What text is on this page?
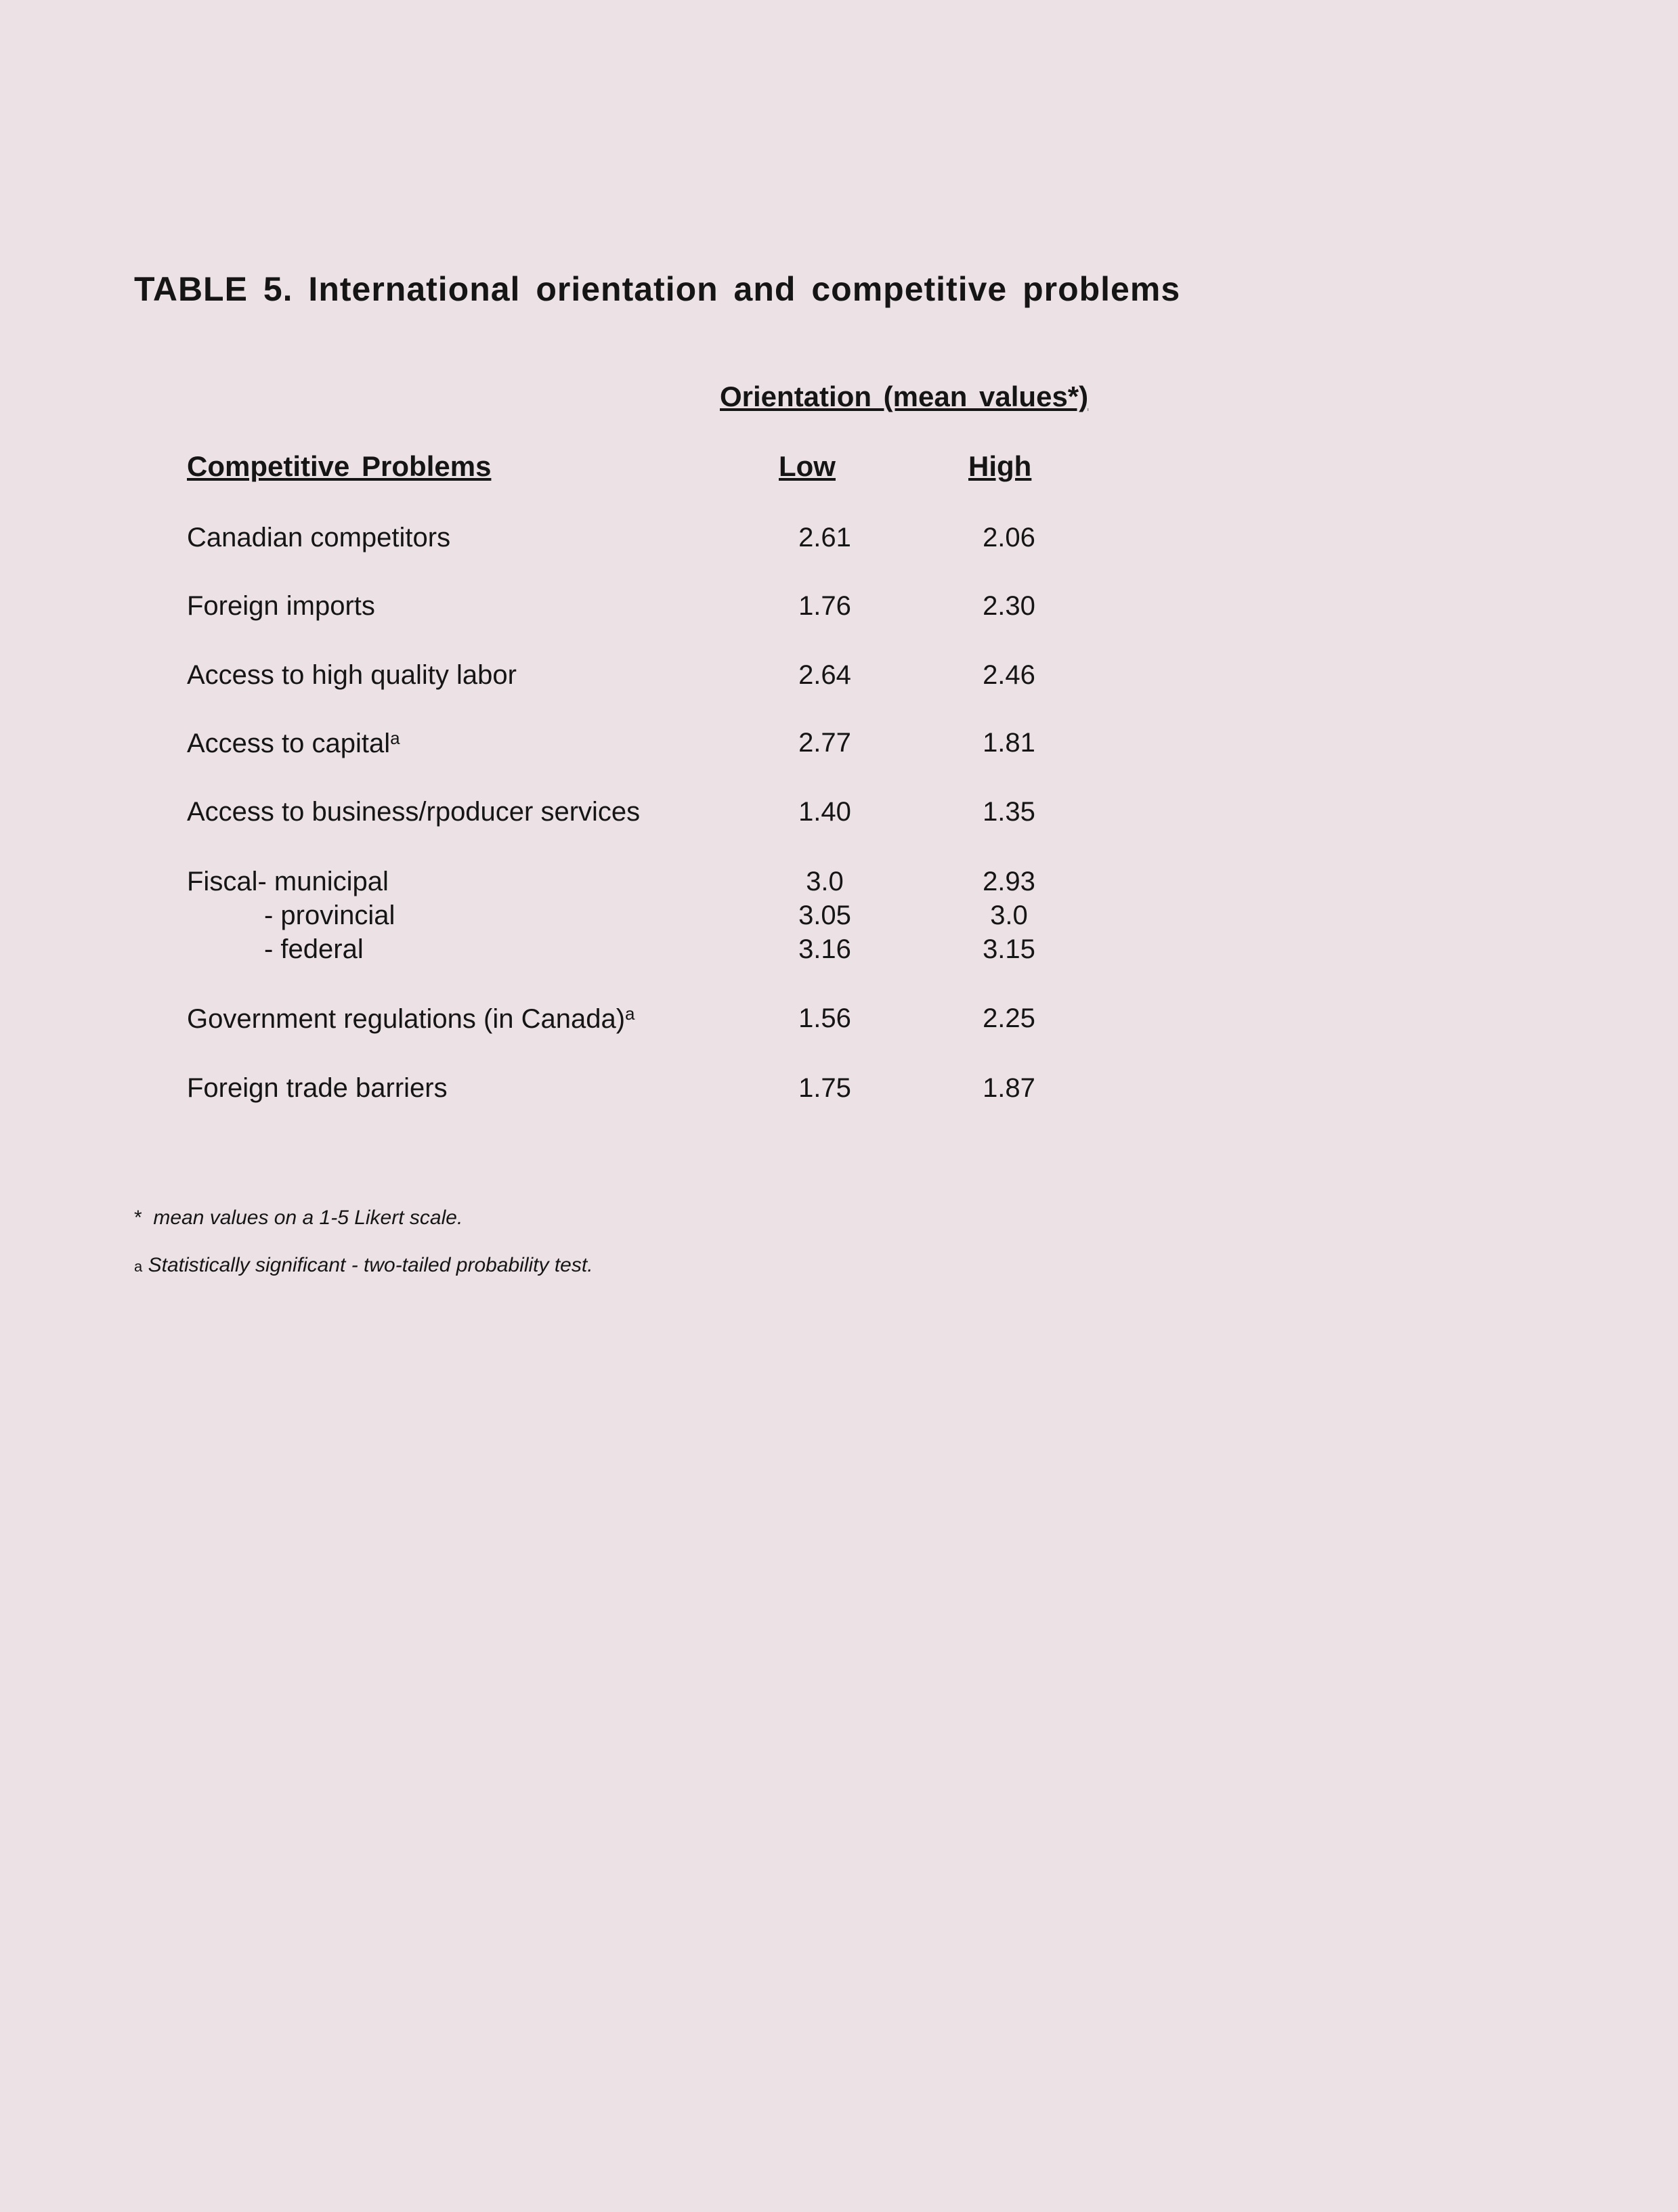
TABLE 5. International orientation and competitive problems
Orientation (mean values*)
Competitive Problems	Low	High
Canadian competitors	2.61	2.06
Foreign imports	1.76	2.30
Access to high quality labor	2.64	2.46
Access to capital$^a$	2.77	1.81
Access to business/rpoducer services	1.40	1.35
Fiscal- municipal	3.0	2.93
- provincial	3.05	3.0
- federal	3.16	3.15
Government regulations (in Canada)$^a$	1.56	2.25
Foreign trade barriers	1.75	1.87
* mean values on a 1-5 Likert scale.
a Statistically significant - two-tailed probability test.
